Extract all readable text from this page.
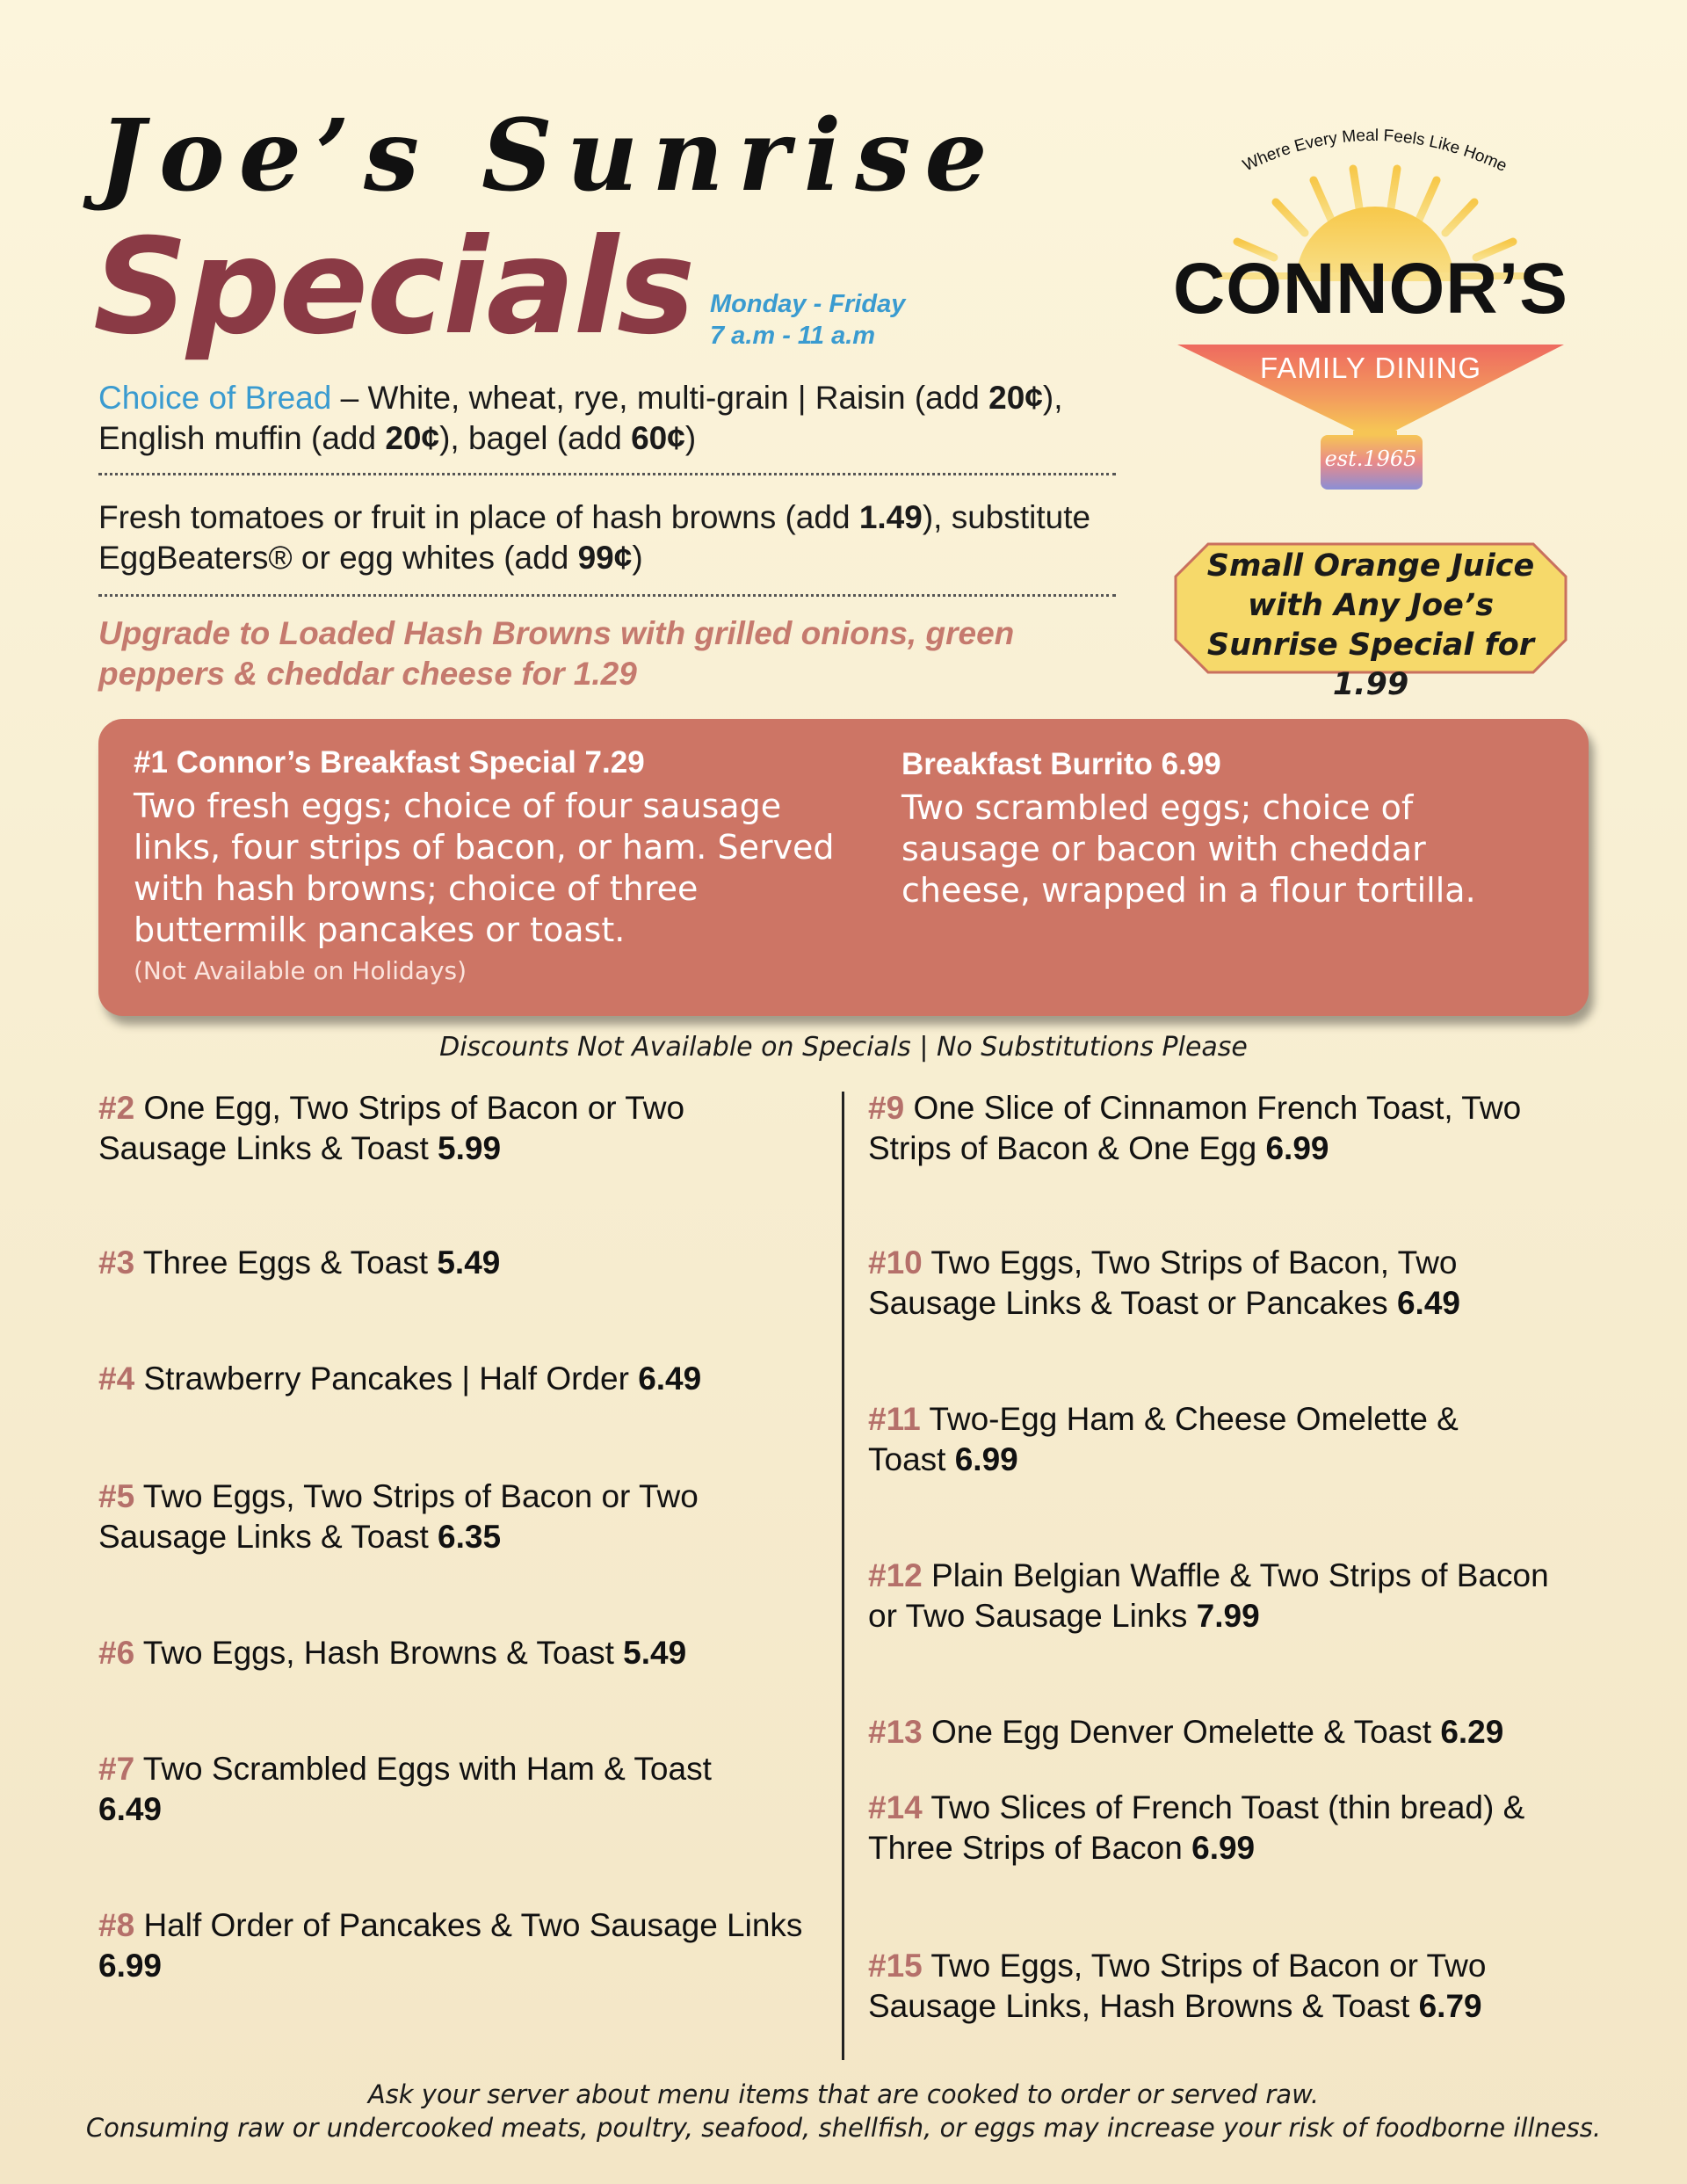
Joe’s Sunrise
Specials Monday - Friday
7 a.m - 11 a.m
Choice of Bread – White, wheat, rye, multi-grain | Raisin (add 20¢), English muffin (add 20¢), bagel (add 60¢)
Fresh tomatoes or fruit in place of hash browns (add 1.49), substitute EggBeaters® or egg whites (add 99¢)
Upgrade to Loaded Hash Browns with grilled onions, green peppers & cheddar cheese for 1.29
Where Every Meal Feels Like Home
CONNOR’S
FAMILY DINING
est.1965
Small Orange Juice with Any Joe’s Sunrise Special for 1.99
#1 Connor’s Breakfast Special 7.29
Two fresh eggs; choice of four sausage links, four strips of bacon, or ham. Served with hash browns; choice of three buttermilk pancakes or toast.
(Not Available on Holidays)
Breakfast Burrito 6.99
Two scrambled eggs; choice of sausage or bacon with cheddar cheese, wrapped in a flour tortilla.
Discounts Not Available on Specials | No Substitutions Please
#2 One Egg, Two Strips of Bacon or Two Sausage Links & Toast 5.99
#3 Three Eggs & Toast 5.49
#4 Strawberry Pancakes | Half Order 6.49
#5 Two Eggs, Two Strips of Bacon or Two Sausage Links & Toast 6.35
#6 Two Eggs, Hash Browns & Toast 5.49
#7 Two Scrambled Eggs with Ham & Toast 6.49
#8 Half Order of Pancakes & Two Sausage Links 6.99
#9 One Slice of Cinnamon French Toast, Two Strips of Bacon & One Egg 6.99
#10 Two Eggs, Two Strips of Bacon, Two Sausage Links & Toast or Pancakes 6.49
#11 Two-Egg Ham & Cheese Omelette & Toast 6.99
#12 Plain Belgian Waffle & Two Strips of Bacon or Two Sausage Links 7.99
#13 One Egg Denver Omelette & Toast 6.29
#14 Two Slices of French Toast (thin bread) & Three Strips of Bacon 6.99
#15 Two Eggs, Two Strips of Bacon or Two Sausage Links, Hash Browns & Toast 6.79
Ask your server about menu items that are cooked to order or served raw.
Consuming raw or undercooked meats, poultry, seafood, shellfish, or eggs may increase your risk of foodborne illness.
